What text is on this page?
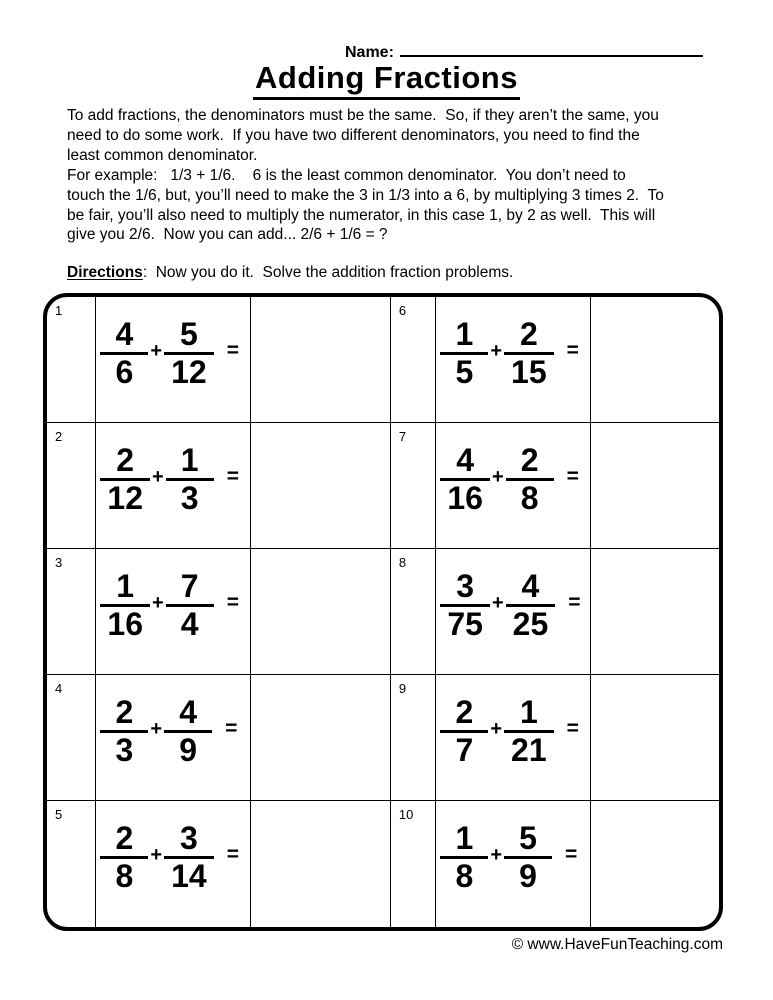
Name:
Adding Fractions
To add fractions, the denominators must be the same.  So, if they aren’t the same, you
need to do some work.  If you have two different denominators, you need to find the
least common denominator.
For example:   1/3 + 1/6.    6 is the least common denominator.  You don’t need to
touch the 1/6, but, you’ll need to make the 3 in 1/3 into a 6, by multiplying 3 times 2.  To
be fair, you’ll also need to multiply the numerator, in this case 1, by 2 as well.  This will
give you 2/6.  Now you can add... 2/6 + 1/6 = ?
Directions:  Now you do it.  Solve the addition fraction problems.
1
$\frac{4}{6} + \frac{5}{12}$ =
6
$\frac{1}{5} + \frac{2}{15}$ =
2
$\frac{2}{12} + \frac{1}{3}$ =
7
$\frac{4}{16} + \frac{2}{8}$ =
3
$\frac{1}{16} + \frac{7}{4}$ =
8
$\frac{3}{75} + \frac{4}{25}$ =
4
$\frac{2}{3} + \frac{4}{9}$ =
9
$\frac{2}{7} + \frac{1}{21}$ =
5
$\frac{2}{8} + \frac{3}{14}$ =
10
$\frac{1}{8} + \frac{5}{9}$ =
© www.HaveFunTeaching.com
